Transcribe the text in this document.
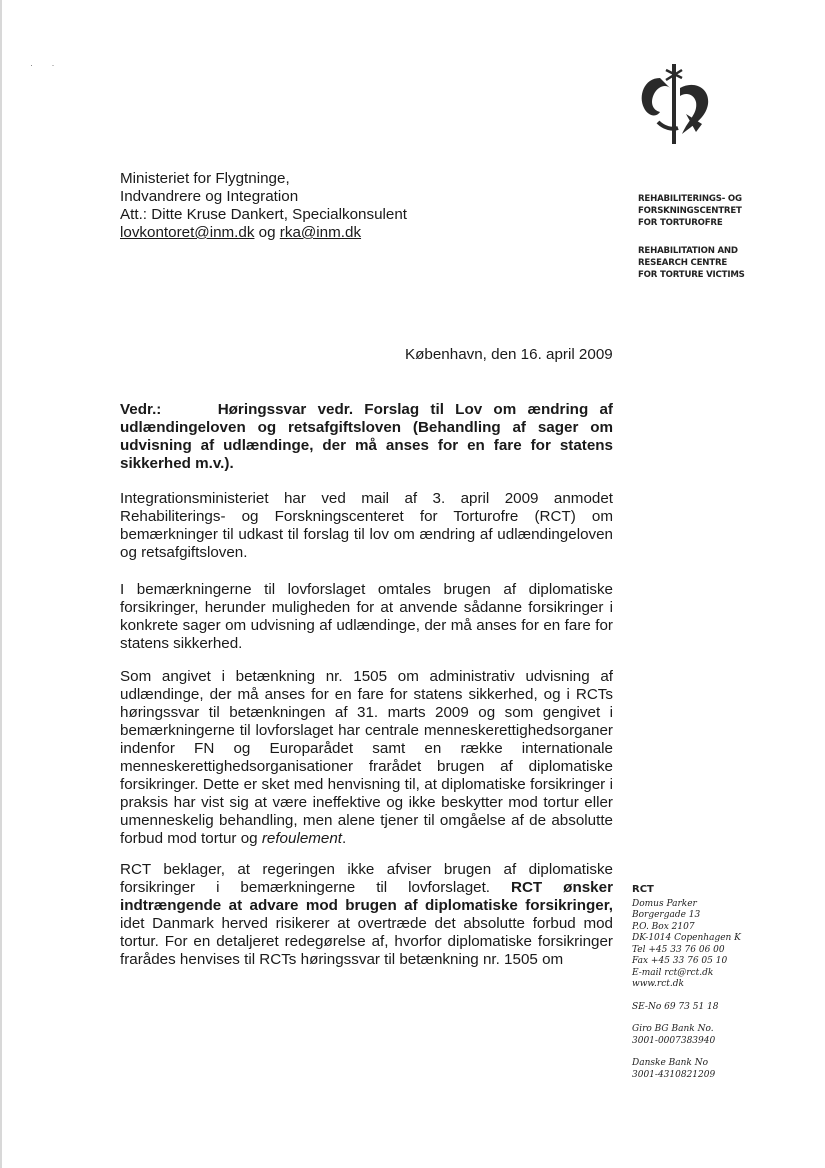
· ·
Ministeriet for Flygtninge,
Indvandrere og Integration
Att.: Ditte Kruse Dankert, Specialkonsulent
lovkontoret@inm.dk og rka@inm.dk
REHABILITERINGS- OG
FORSKNINGSCENTRET
FOR TORTUROFRE
REHABILITATION AND
RESEARCH CENTRE
FOR TORTURE VICTIMS
København, den 16. april 2009
Vedr.:	Høringssvar vedr. Forslag til Lov om ændring af udlændingeloven og retsafgiftsloven (Behandling af sager om udvisning af udlændinge, der må anses for en fare for statens sikkerhed m.v.).

Integrationsministeriet har ved mail af 3. april 2009 anmodet Rehabiliterings- og Forskningscenteret for Torturofre (RCT) om bemærkninger til udkast til forslag til lov om ændring af udlændingeloven og retsafgiftsloven.

I bemærkningerne til lovforslaget omtales brugen af diplomatiske forsikringer, herunder muligheden for at anvende sådanne forsikringer i konkrete sager om udvisning af udlændinge, der må anses for en fare for statens sikkerhed.

Som angivet i betænkning nr. 1505 om administrativ udvisning af udlændinge, der må anses for en fare for statens sikkerhed, og i RCTs høringssvar til betænkningen af 31. marts 2009 og som gengivet i bemærkningerne til lovforslaget har centrale menneskerettighedsorganer indenfor FN og Europarådet samt en række internationale menneskerettighedsorganisationer frarådet brugen af diplomatiske forsikringer. Dette er sket med henvisning til, at diplomatiske forsikringer i praksis har vist sig at være ineffektive og ikke beskytter mod tortur eller umenneskelig behandling, men alene tjener til omgåelse af de absolutte forbud mod tortur og refoulement.

RCT beklager, at regeringen ikke afviser brugen af diplomatiske forsikringer i bemærkningerne til lovforslaget. RCT ønsker indtrængende at advare mod brugen af diplomatiske forsikringer, idet Danmark herved risikerer at overtræde det absolutte forbud mod tortur. For en detaljeret redegørelse af, hvorfor diplomatiske forsikringer frarådes henvises til RCTs høringssvar til betænkning nr. 1505 om

RCT
Domus Parker
Borgergade 13
P.O. Box 2107
DK-1014 Copenhagen K
Tel +45 33 76 06 00
Fax +45 33 76 05 10
E-mail rct@rct.dk
www.rct.dk
SE-No 69 73 51 18
Giro BG Bank No.
3001-0007383940
Danske Bank No
3001-4310821209
